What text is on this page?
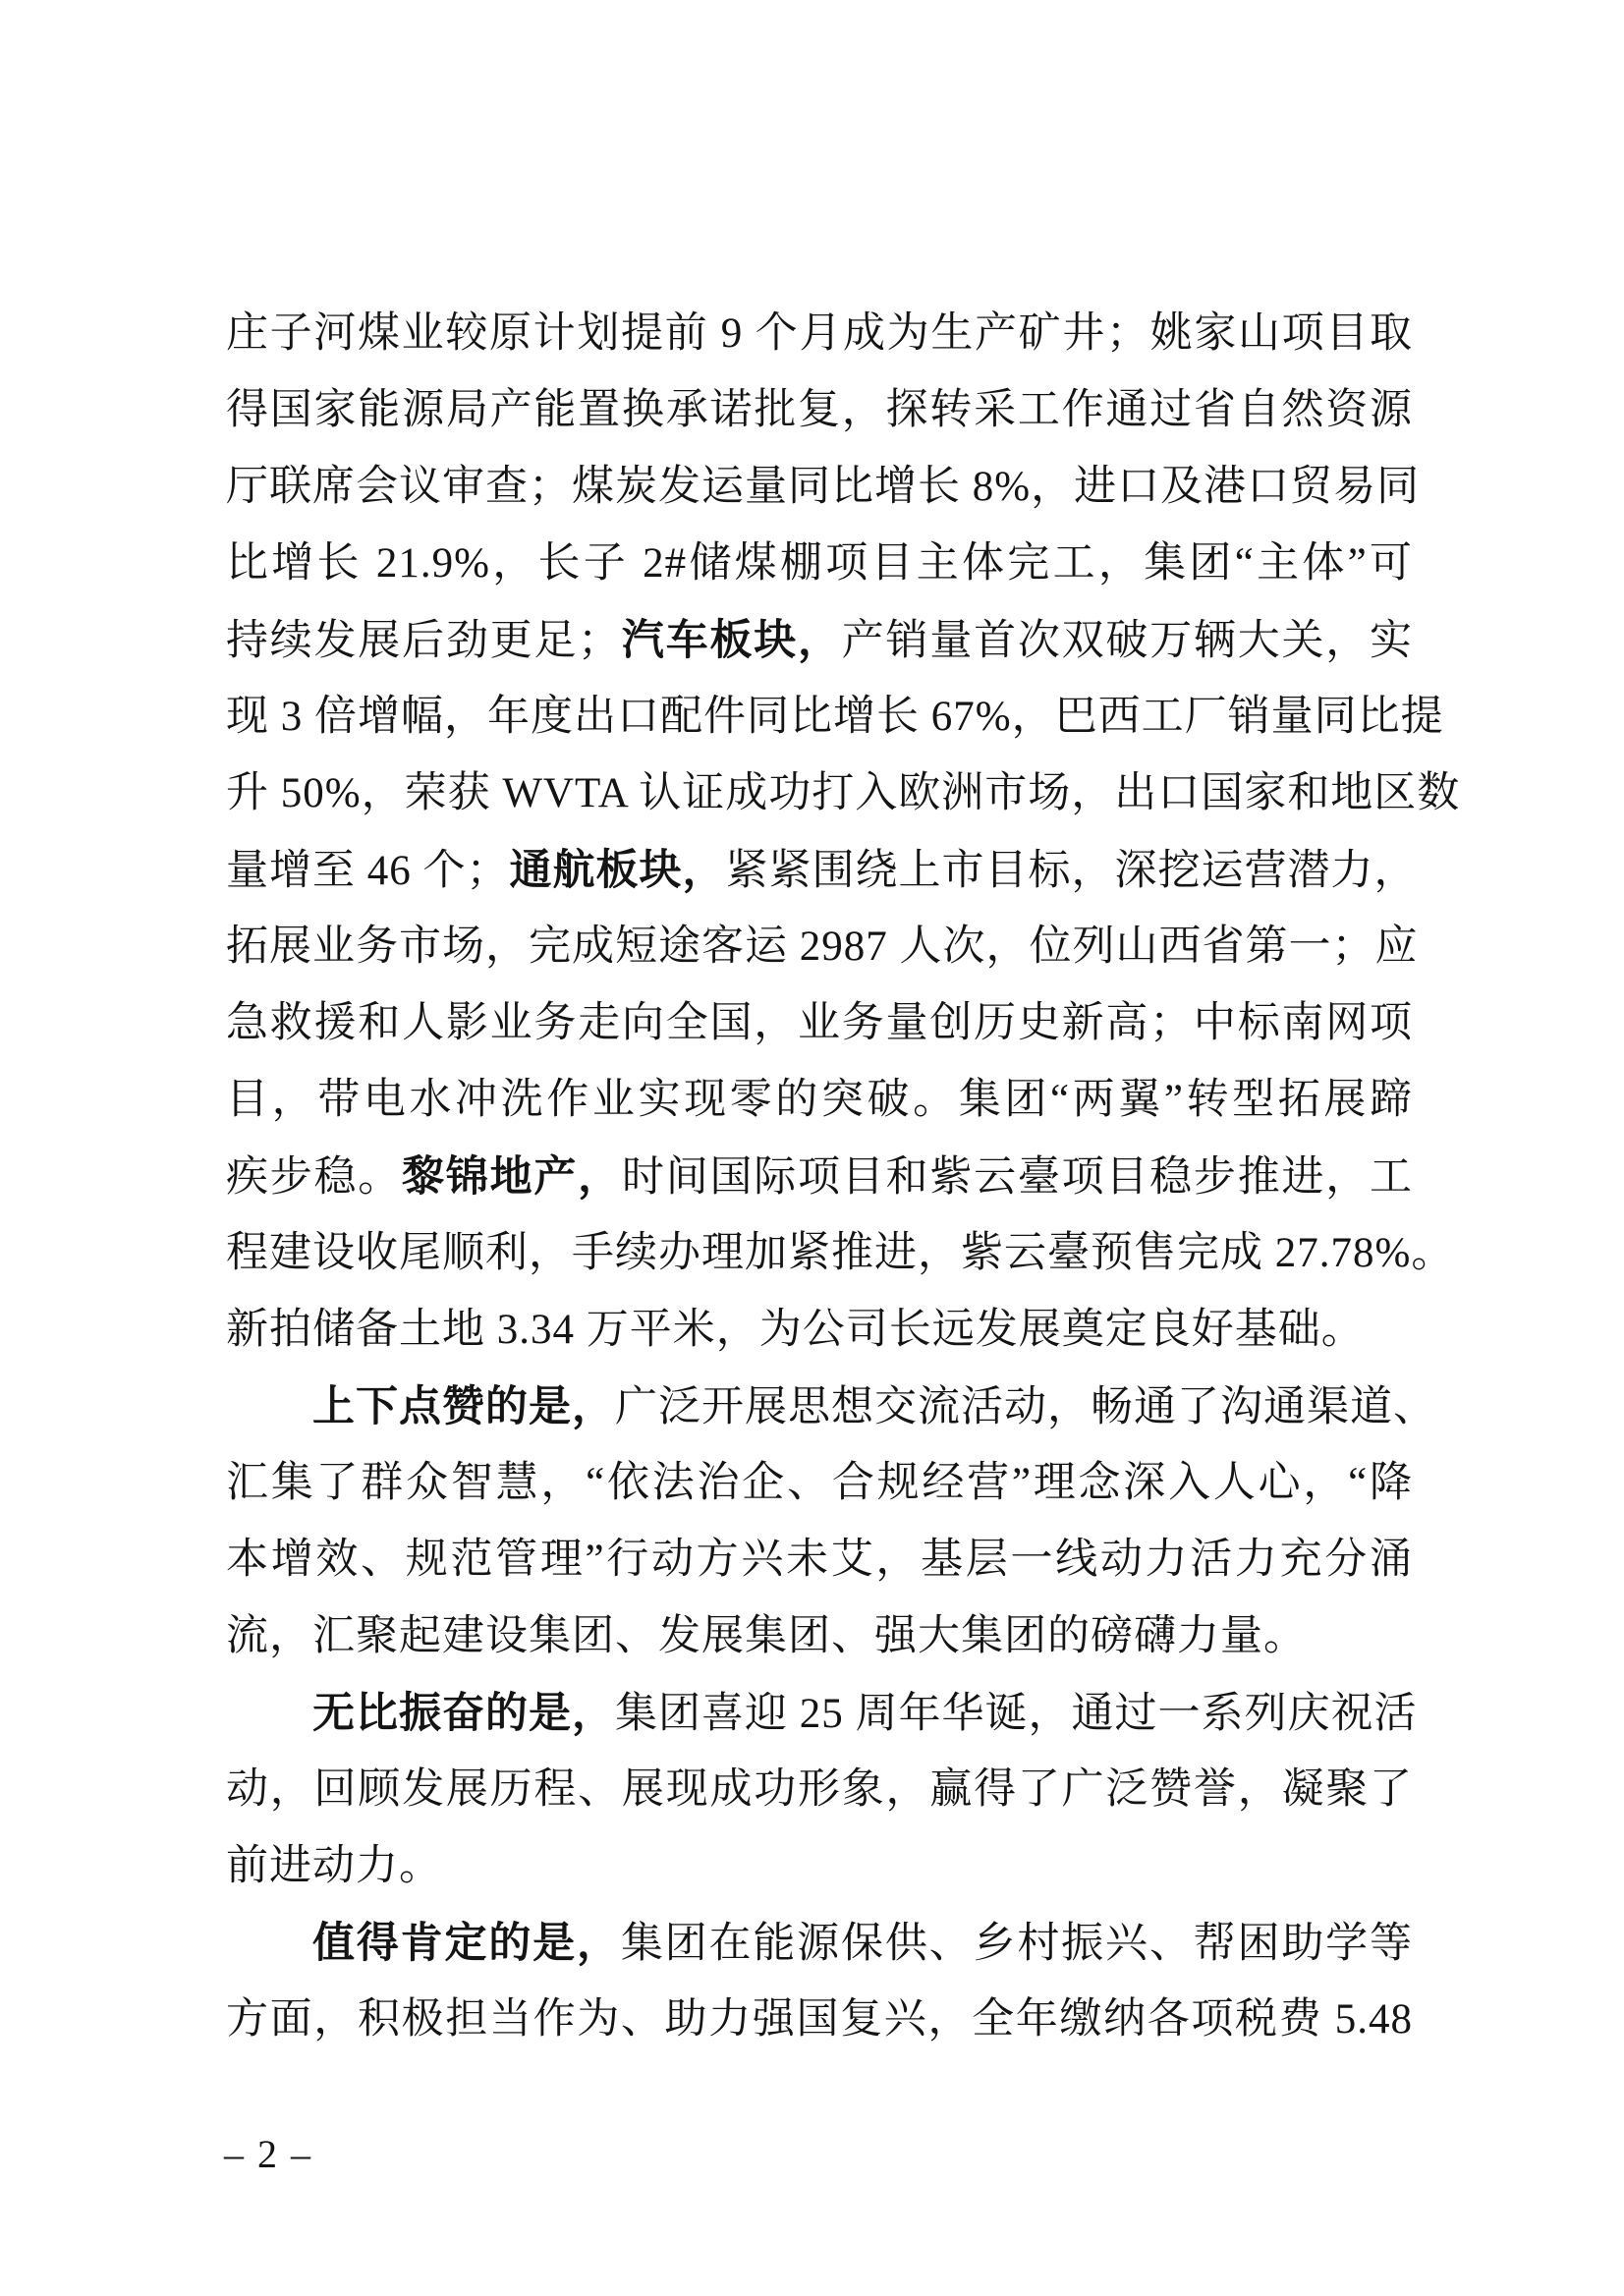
庄子河煤业较原计划提前 9 个月成为生产矿井；姚家山项目取
得国家能源局产能置换承诺批复，探转采工作通过省自然资源
厅联席会议审查；煤炭发运量同比增长 8%，进口及港口贸易同
比增长 21.9%，长子 2#储煤棚项目主体完工，集团“主体”可
持续发展后劲更足；汽车板块，产销量首次双破万辆大关，实
现 3 倍增幅，年度出口配件同比增长 67%，巴西工厂销量同比提
升 50%，荣获 WVTA 认证成功打入欧洲市场，出口国家和地区数
量增至 46 个；通航板块，紧紧围绕上市目标，深挖运营潜力，
拓展业务市场，完成短途客运 2987 人次，位列山西省第一；应
急救援和人影业务走向全国，业务量创历史新高；中标南网项
目，带电水冲洗作业实现零的突破。集团“两翼”转型拓展蹄
疾步稳。黎锦地产，时间国际项目和紫云臺项目稳步推进，工
程建设收尾顺利，手续办理加紧推进，紫云臺预售完成 27.78%。
新拍储备土地 3.34 万平米，为公司长远发展奠定良好基础。
上下点赞的是，广泛开展思想交流活动，畅通了沟通渠道、
汇集了群众智慧，“依法治企、合规经营”理念深入人心，“降
本增效、规范管理”行动方兴未艾，基层一线动力活力充分涌
流，汇聚起建设集团、发展集团、强大集团的磅礴力量。
无比振奋的是，集团喜迎 25 周年华诞，通过一系列庆祝活
动，回顾发展历程、展现成功形象，赢得了广泛赞誉，凝聚了
前进动力。
值得肯定的是，集团在能源保供、乡村振兴、帮困助学等
方面，积极担当作为、助力强国复兴，全年缴纳各项税费 5.48
– 2 –
